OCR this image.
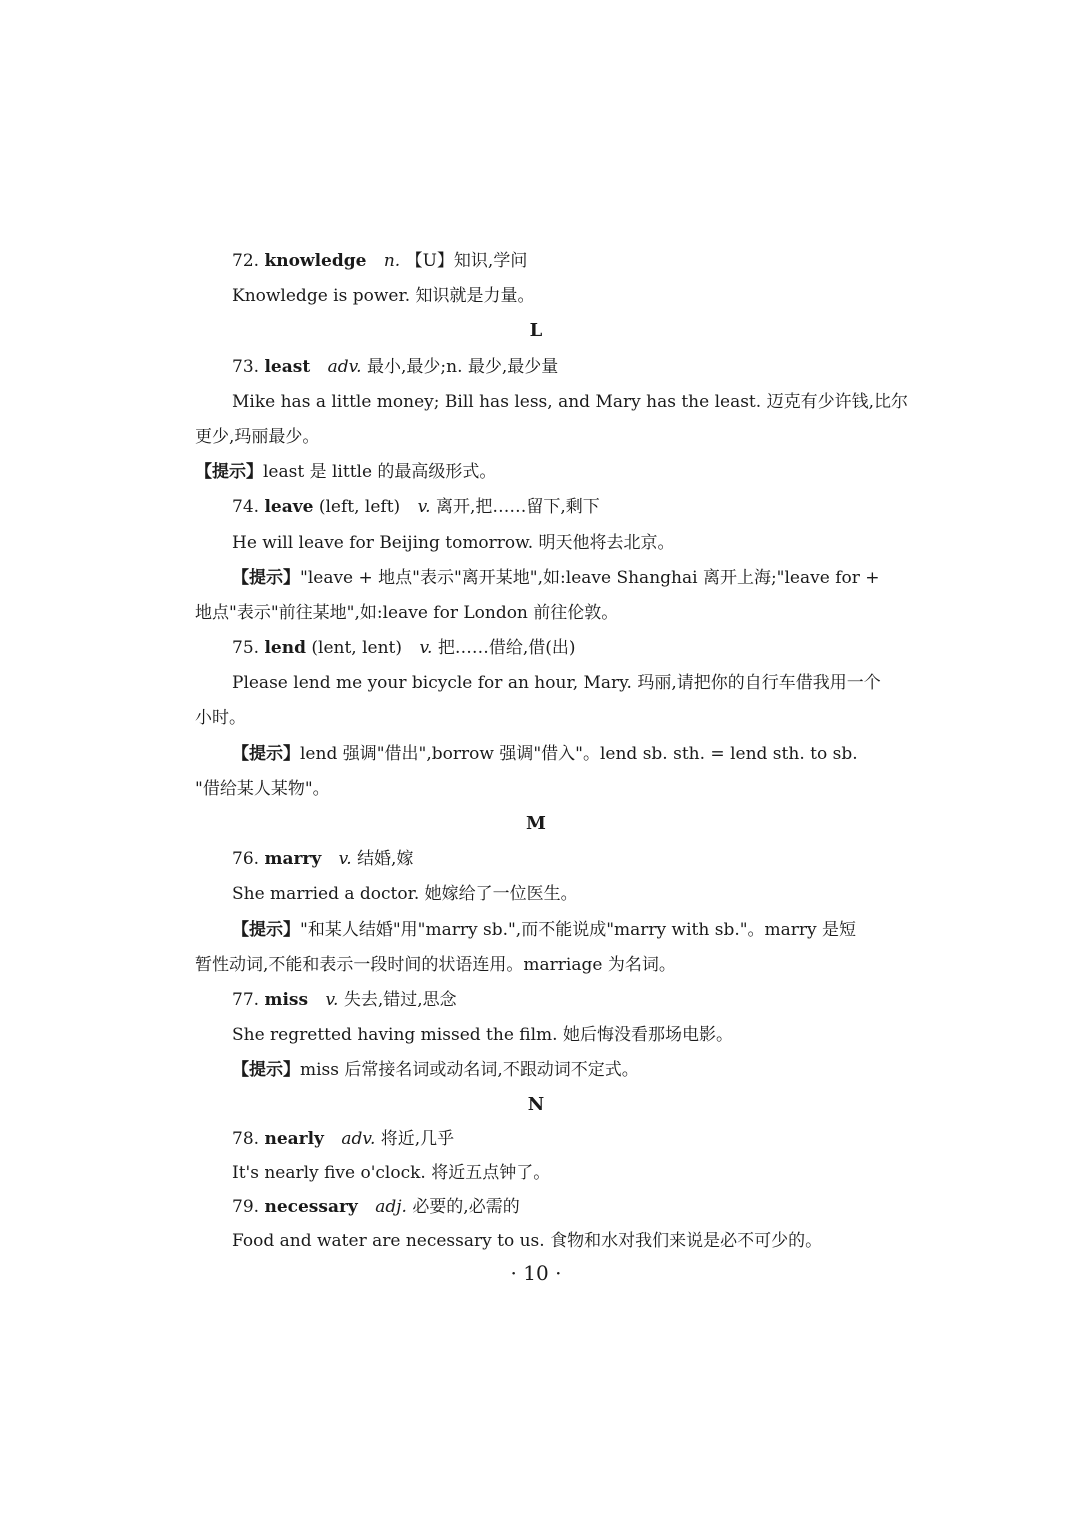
72. knowledge n. 【U】知识,学问
Knowledge is power. 知识就是力量。
L
73. least adv. 最小,最少;n. 最少,最少量
Mike has a little money; Bill has less, and Mary has the least. 迈克有少许钱,比尔
更少,玛丽最少。
【提示】least 是 little 的最高级形式。
74. leave (left, left) v. 离开,把……留下,剩下
He will leave for Beijing tomorrow. 明天他将去北京。
【提示】"leave + 地点"表示"离开某地",如:leave Shanghai 离开上海;"leave for +
地点"表示"前往某地",如:leave for London 前往伦敦。
75. lend (lent, lent) v. 把……借给,借(出)
Please lend me your bicycle for an hour, Mary. 玛丽,请把你的自行车借我用一个
小时。
【提示】lend 强调"借出",borrow 强调"借入"。lend sb. sth. = lend sth. to sb.
"借给某人某物"。
M
76. marry v. 结婚,嫁
She married a doctor. 她嫁给了一位医生。
【提示】"和某人结婚"用"marry sb.",而不能说成"marry with sb."。marry 是短
暂性动词,不能和表示一段时间的状语连用。marriage 为名词。
77. miss v. 失去,错过,思念
She regretted having missed the film. 她后悔没看那场电影。
【提示】miss 后常接名词或动名词,不跟动词不定式。
N
78. nearly adv. 将近,几乎
It's nearly five o'clock. 将近五点钟了。
79. necessary adj. 必要的,必需的
Food and water are necessary to us. 食物和水对我们来说是必不可少的。
· 10 ·
